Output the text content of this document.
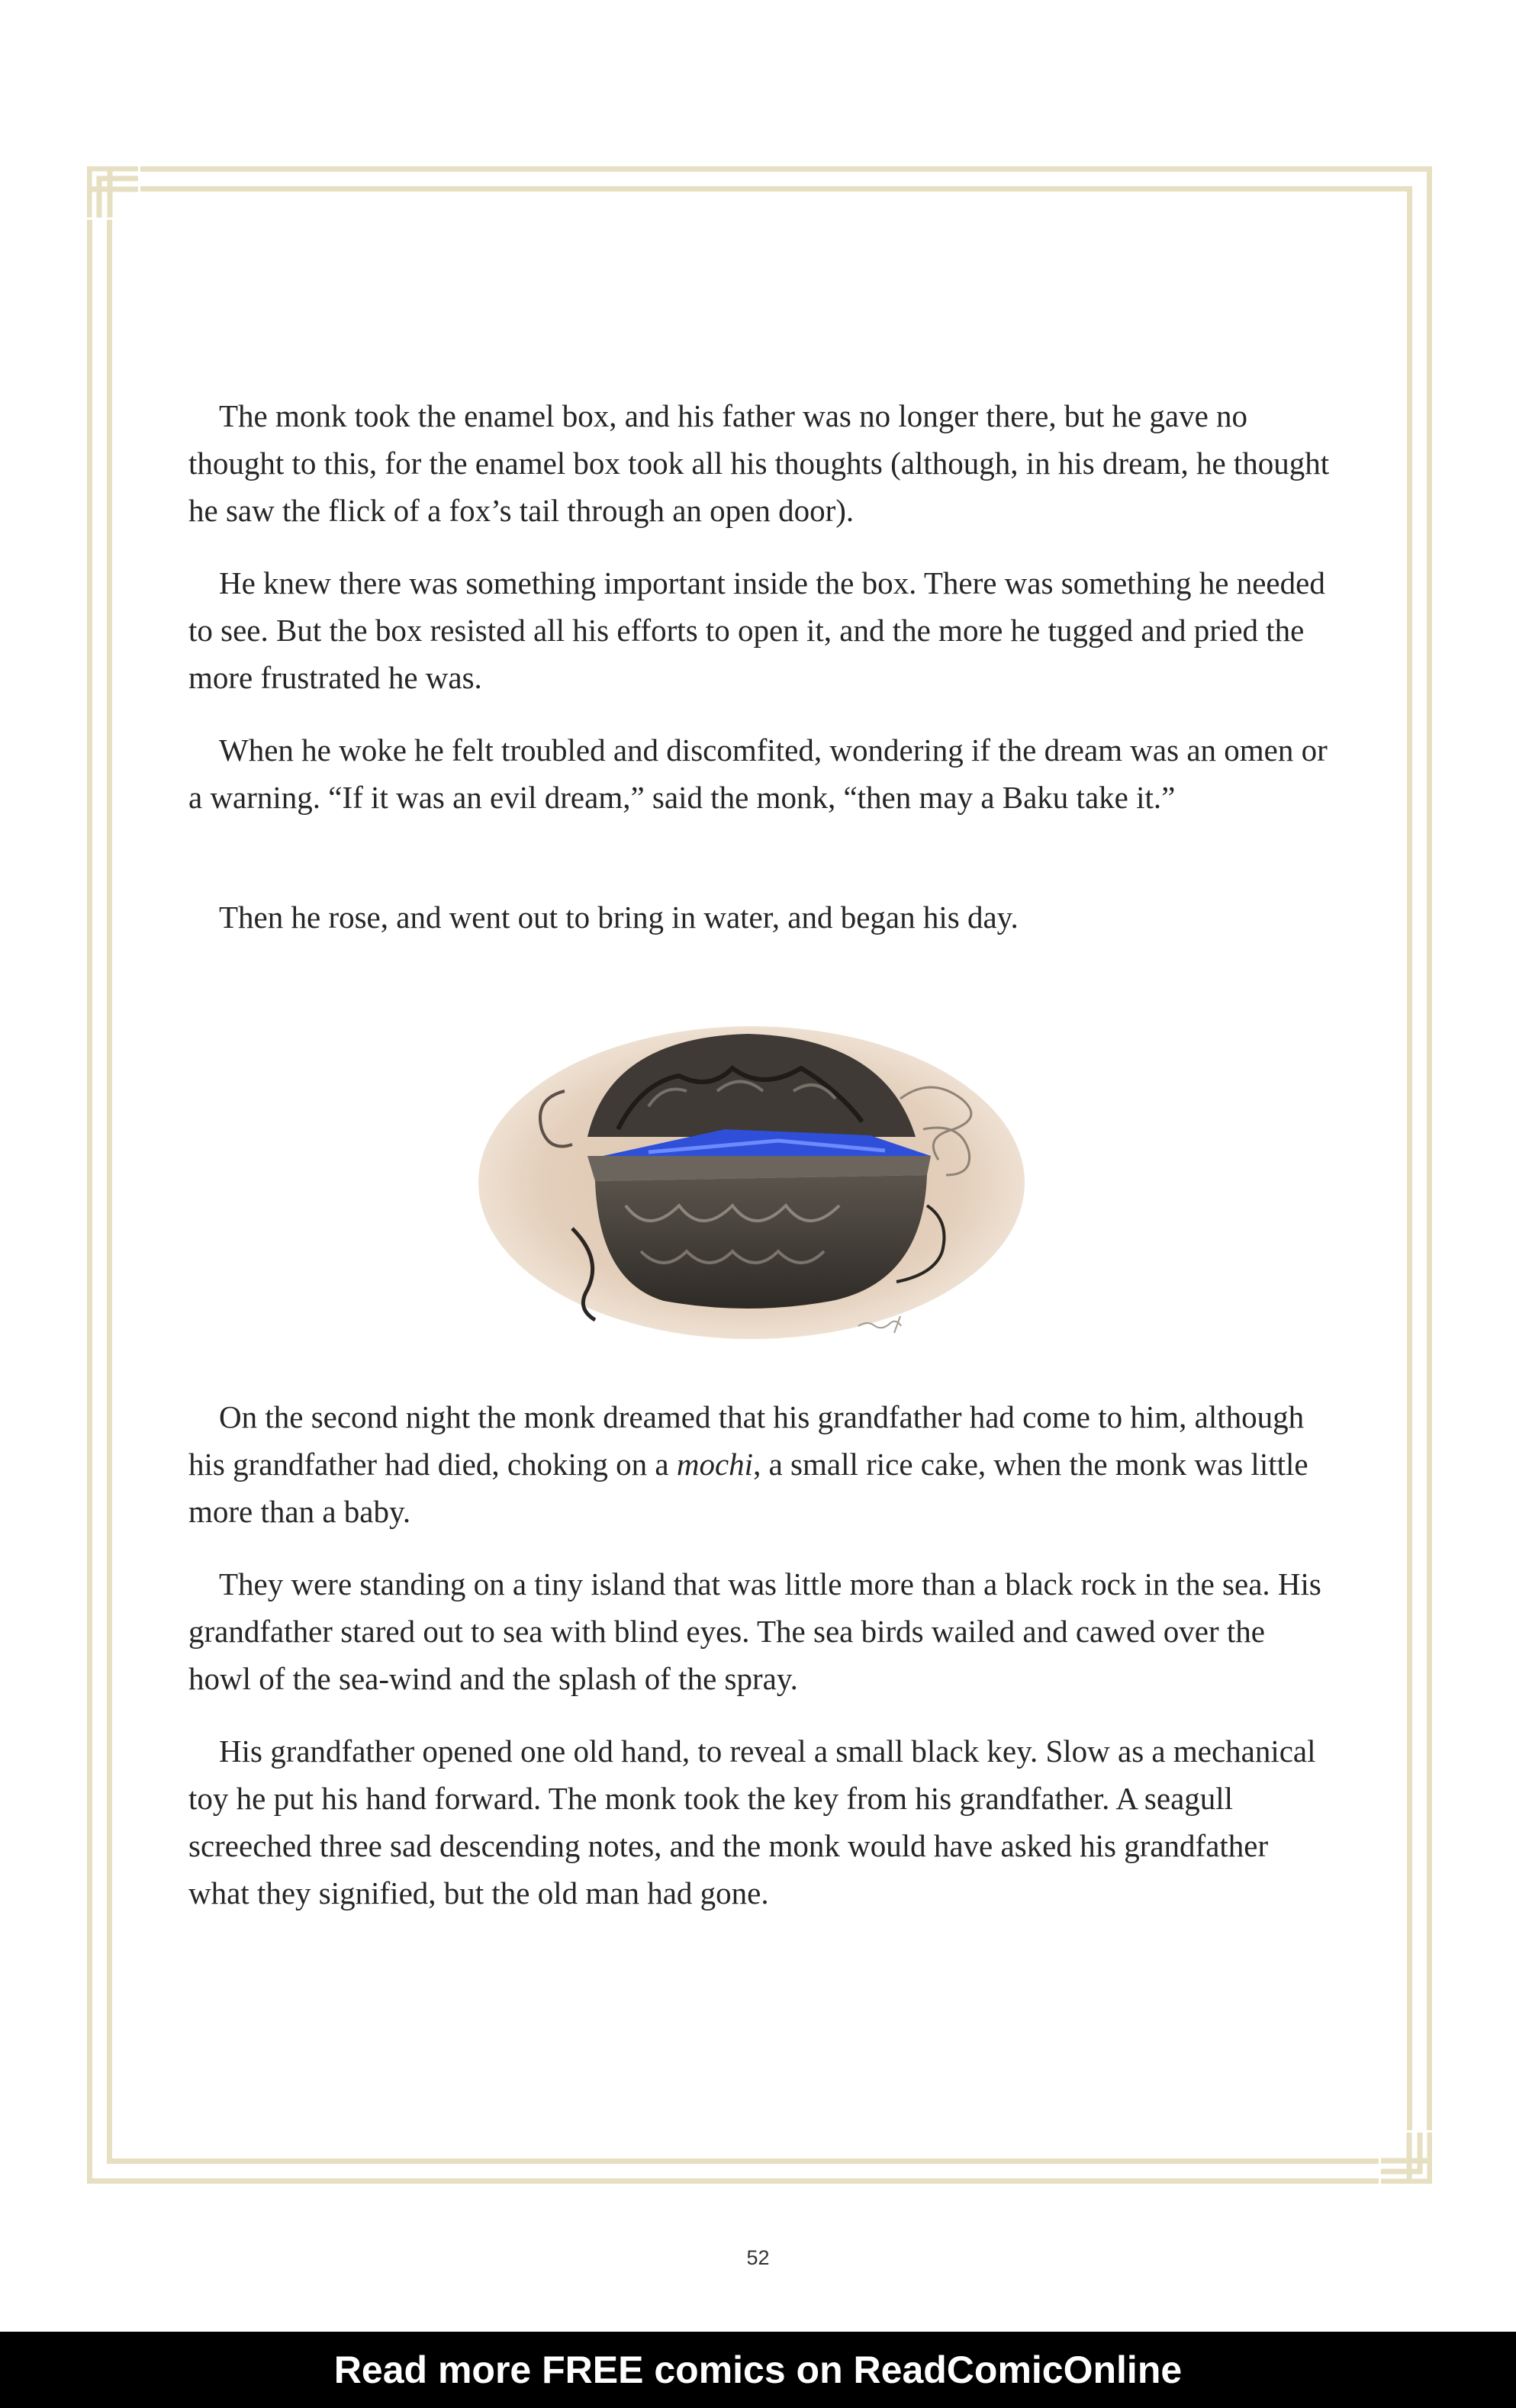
The monk took the enamel box, and his father was no longer there, but he gave no thought to this, for the enamel box took all his thoughts (although, in his dream, he thought he saw the flick of a fox’s tail through an open door).

He knew there was something important inside the box. There was something he needed to see. But the box resisted all his efforts to open it, and the more he tugged and pried the more frustrated he was.

When he woke he felt troubled and discomfited, wondering if the dream was an omen or a warning. “If it was an evil dream,” said the monk, “then may a Baku take it.”

Then he rose, and went out to bring in water, and began his day.

On the second night the monk dreamed that his grandfather had come to him, although his grandfather had died, choking on a mochi, a small rice cake, when the monk was little more than a baby.

They were standing on a tiny island that was little more than a black rock in the sea. His grandfather stared out to sea with blind eyes. The sea birds wailed and cawed over the howl of the sea-wind and the splash of the spray.

His grandfather opened one old hand, to reveal a small black key. Slow as a mechanical toy he put his hand forward. The monk took the key from his grandfather. A seagull screeched three sad descending notes, and the monk would have asked his grandfather what they signified, but the old man had gone.

52
Read more FREE comics on ReadComicOnline
